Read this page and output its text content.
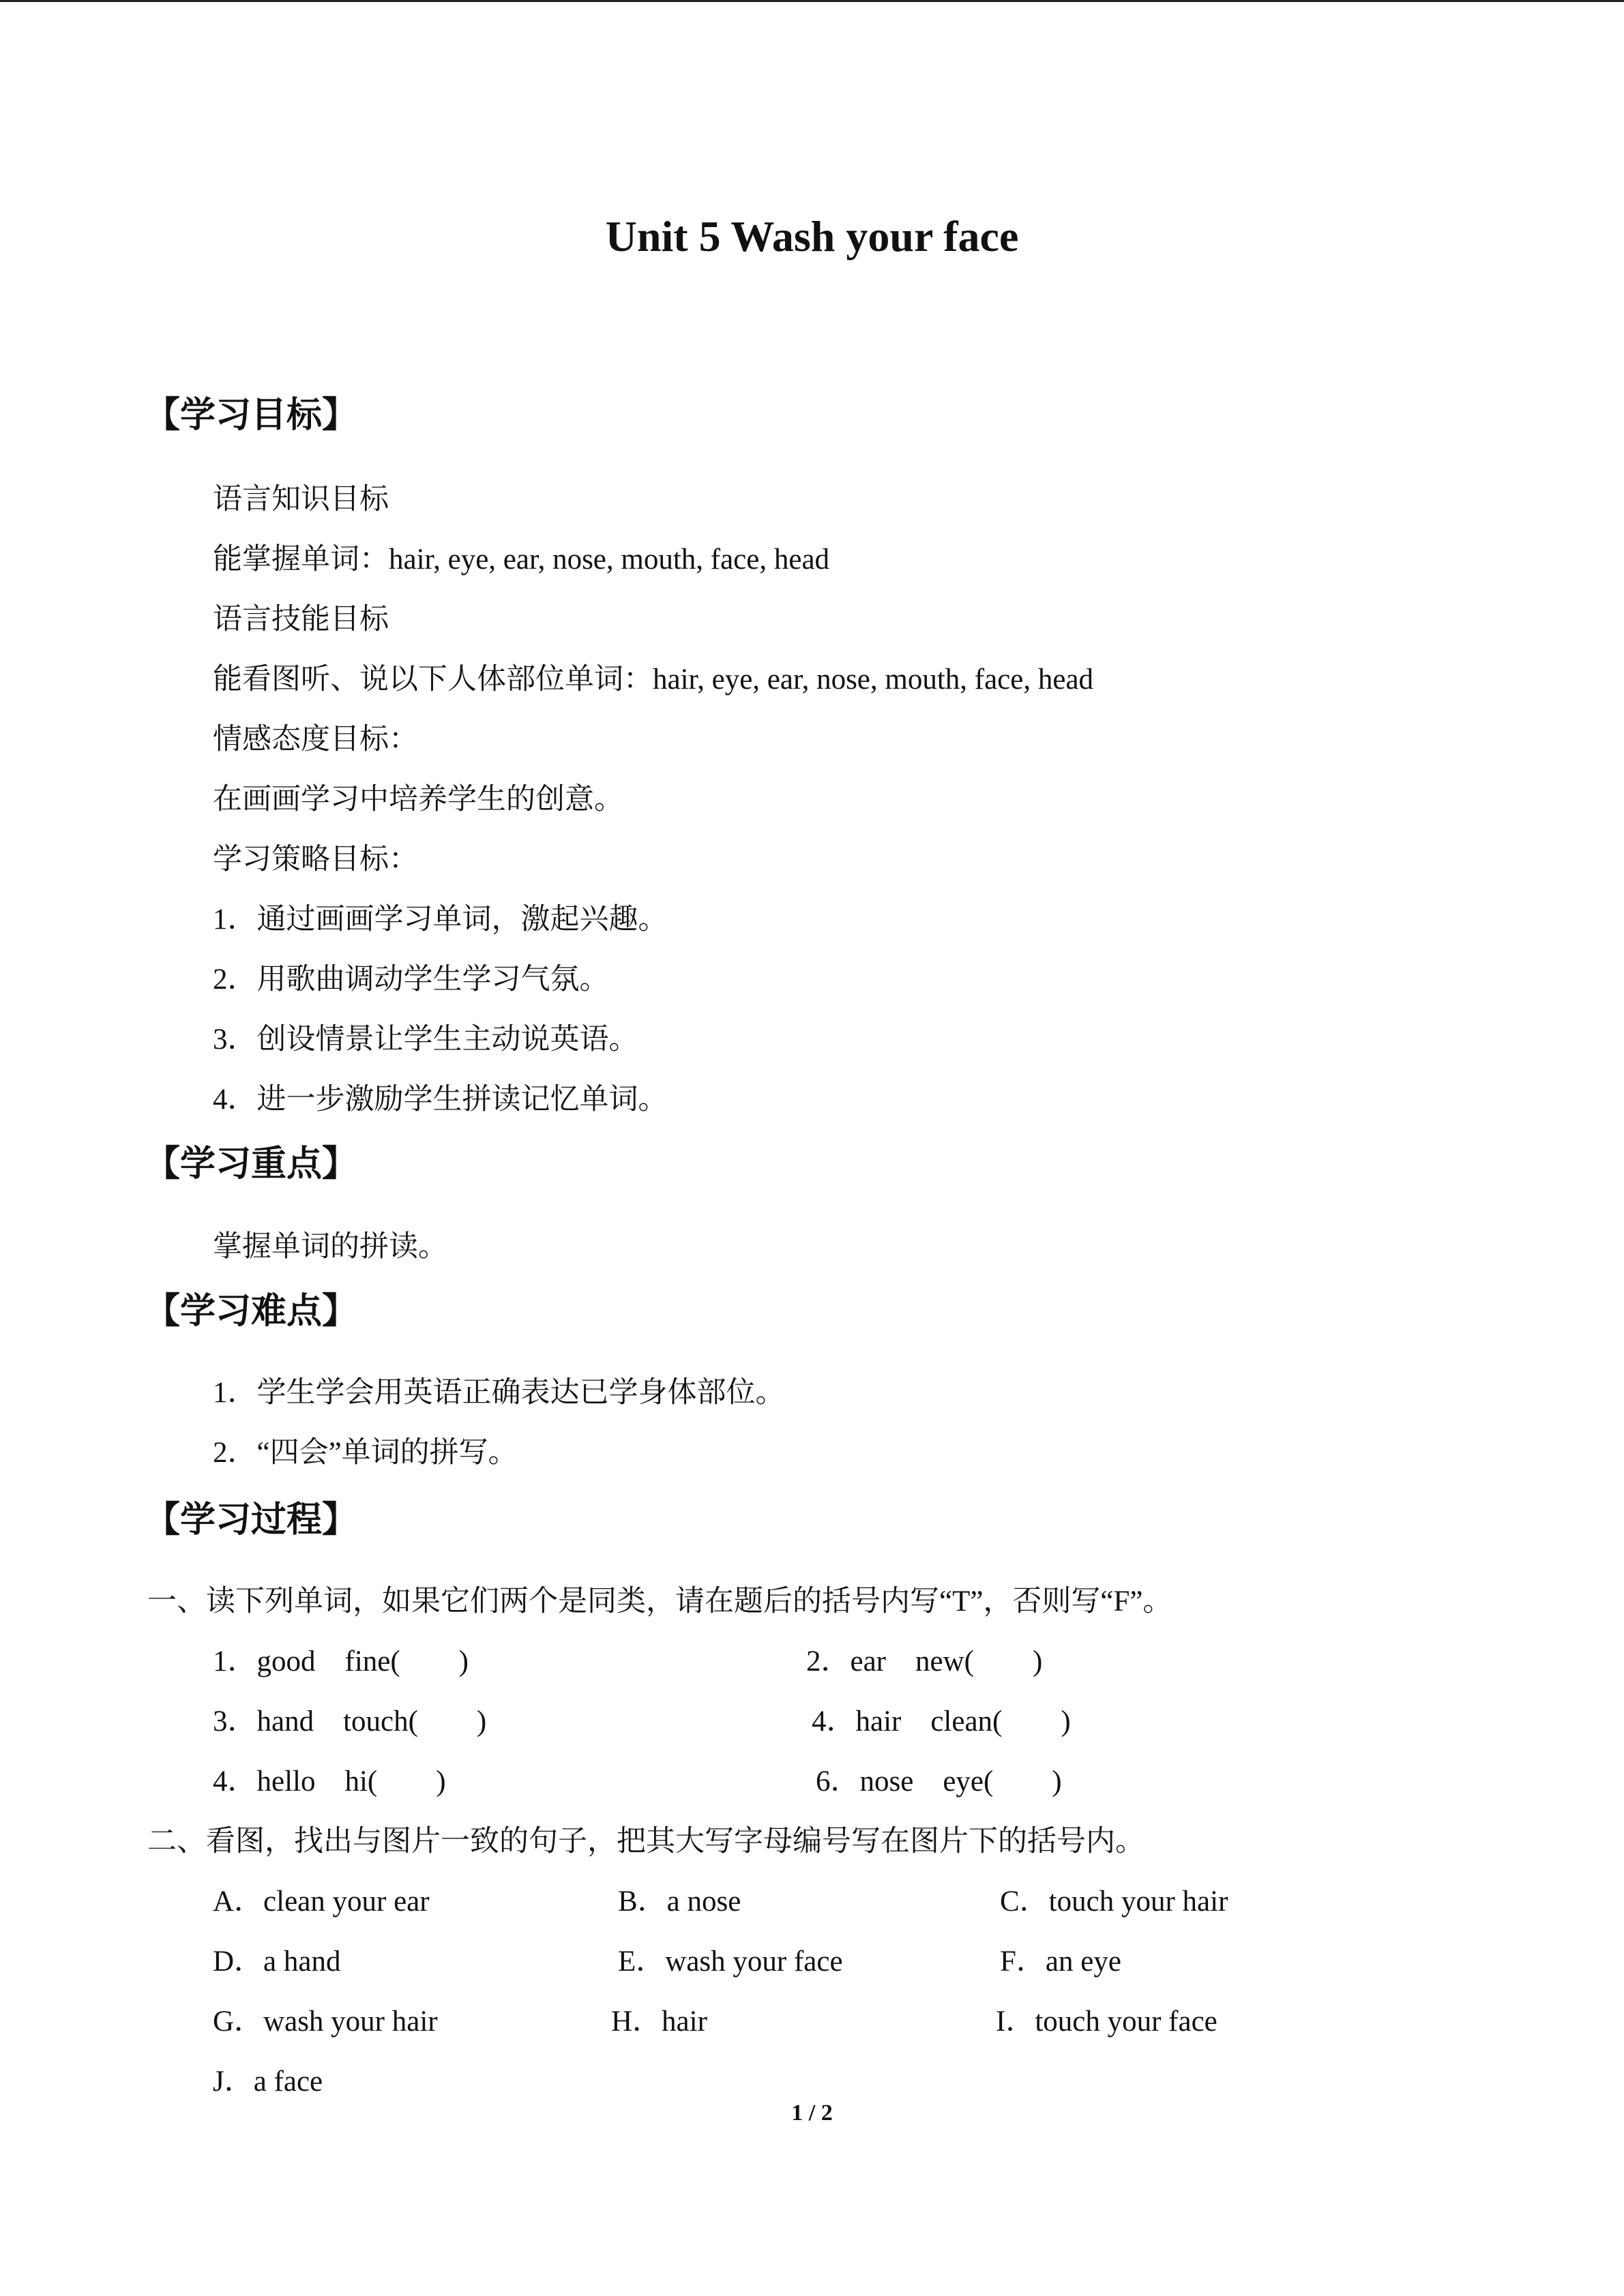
Unit 5 Wash your face
【学习目标】
语言知识目标
能掌握单词：hair, eye, ear, nose, mouth, face, head
语言技能目标
能看图听、说以下人体部位单词：hair, eye, ear, nose, mouth, face, head
情感态度目标：
在画画学习中培养学生的创意。
学习策略目标：
1．通过画画学习单词，激起兴趣。
2．用歌曲调动学生学习气氛。
3．创设情景让学生主动说英语。
4．进一步激励学生拼读记忆单词。
【学习重点】
掌握单词的拼读。
【学习难点】
1．学生学会用英语正确表达已学身体部位。
2．“四会”单词的拼写。
【学习过程】
一、读下列单词，如果它们两个是同类，请在题后的括号内写“T”，否则写“F”。
1．good　fine(　　)	2．ear　new(　　)
3．hand　touch(　　)	4．hair　clean(　　)
4．hello　hi(　　)	6．nose　eye(　　)
二、看图，找出与图片一致的句子，把其大写字母编号写在图片下的括号内。
A．clean your ear	B．a nose	C．touch your hair
D．a hand	E．wash your face	F．an eye
G．wash your hair	H．hair	I．touch your face
J．a face
1 / 2
